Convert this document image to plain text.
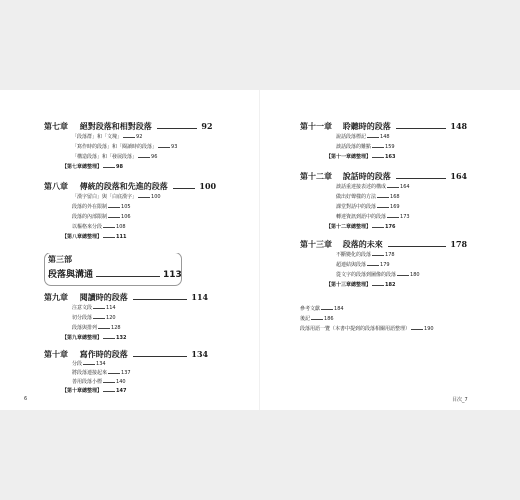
第七章 絕對段落和相對段落	92
「段落群」和「文塊」	92
「寫作時的段落」和「閱讀時的段落」	93
「構造段落」和「發展段落」	96
【第七章總整理】	98
第八章 傳統的段落和先進的段落	100
「漢字留白」與「白底漢字」	100
段落的外在限制	105
段落的內部限制	106
以樞格來分段	108
【第八章總整理】	111
第三部
段落與溝通	113
第九章 閱讀時的段落	114
注意文段	114
切分段落	120
段落與排列	128
【第九章總整理】	132
第十章 寫作時的段落	134
分段	134
將段落連接起來	137
善用段落小標	140
【第十章總整理】	147
6
第十一章 聆聽時的段落	148
說話段落標記	148
談話段落的難點	159
【第十一章總整理】	163
第十二章 說話時的段落	164
談話重達接表述的構成	164
做出好聲樣的方法	168
課堂對話中的段落	169
轉達資訊到語中的段落	173
【第十二章總整理】	176
第十三章 段落的未來	178
不斷變化的段落	178
超連結與段落	179
從文字的段落到圖像的段落	180
【第十三章總整理】	182
參考文獻	184
後記	186
段落用語一覽（本書中提到的段落相關用語整理）	190
目次_7
